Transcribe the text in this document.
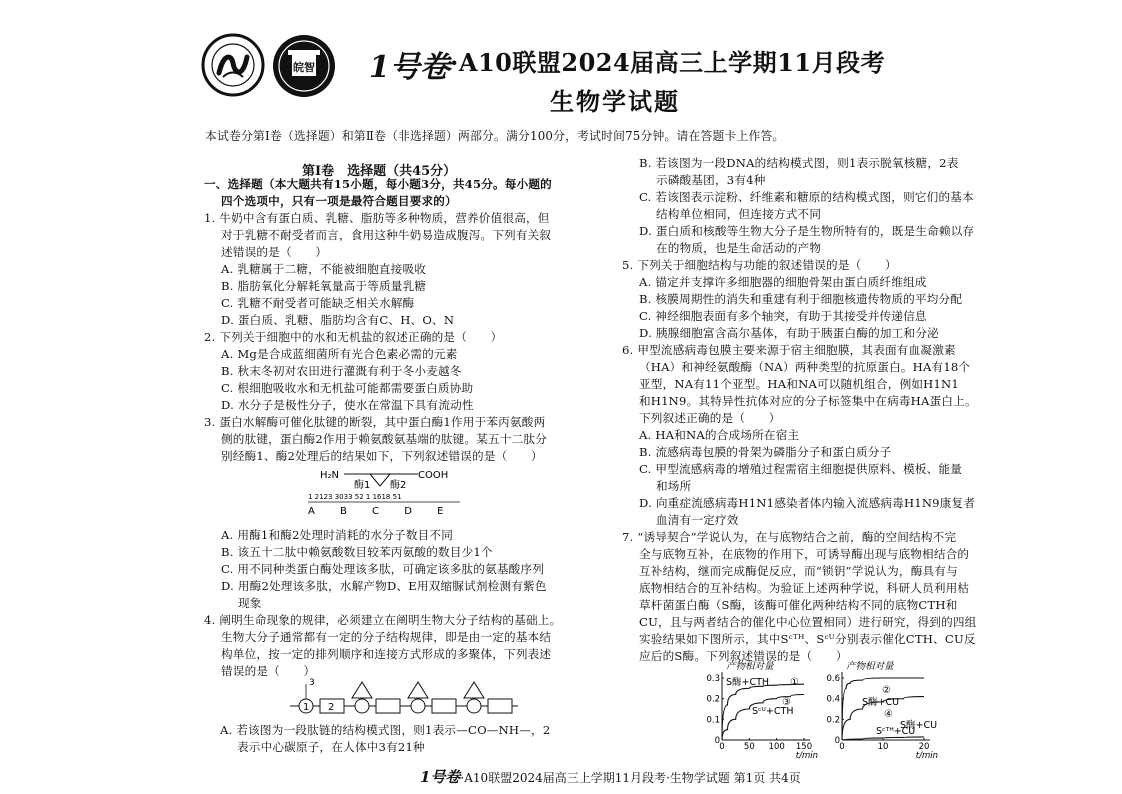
皖智 1号卷 ·A10联盟2024届高三上学期11月段考
生物学试题
本试卷分第Ⅰ卷（选择题）和第Ⅱ卷（非选择题）两部分。满分100分，考试时间75分钟。请在答题卡上作答。
第Ⅰ卷　选择题（共45分）
一、选择题（本大题共有15小题，每小题3分，共45分。每小题的
四个选项中，只有一项是最符合题目要求的）
1. 牛奶中含有蛋白质、乳糖、脂肪等多种物质，营养价值很高，但
对于乳糖不耐受者而言，食用这种牛奶易造成腹泻。下列有关叙
述错误的是（　　）
A. 乳糖属于二糖，不能被细胞直接吸收
B. 脂肪氧化分解耗氧量高于等质量乳糖
C. 乳糖不耐受者可能缺乏相关水解酶
D. 蛋白质、乳糖、脂肪均含有C、H、O、N
2. 下列关于细胞中的水和无机盐的叙述正确的是（　　）
A. Mg是合成蓝细菌所有光合色素必需的元素
B. 秋末冬初对农田进行灌溉有利于冬小麦越冬
C. 根细胞吸收水和无机盐可能都需要蛋白质协助
D. 水分子是极性分子，使水在常温下具有流动性
3. 蛋白水解酶可催化肽键的断裂，其中蛋白酶1作用于苯丙氨酸两
侧的肽键，蛋白酶2作用于赖氨酸氨基端的肽键。某五十二肽分
别经酶1、酶2处理后的结果如下，下列叙述错误的是（　　）
H₂N	COOH
酶1 酶2
1 2123 3033 52 1 1618 51
A B C D E
A. 用酶1和酶2处理时消耗的水分子数目不同
B. 该五十二肽中赖氨酸数目较苯丙氨酸的数目少1个
C. 用不同种类蛋白酶处理该多肽，可确定该多肽的氨基酸序列
D. 用酶2处理该多肽，水解产物D、E用双缩脲试剂检测有紫色
现象
4. 阐明生命现象的规律，必须建立在阐明生物大分子结构的基础上。
生物大分子通常都有一定的分子结构规律，即是由一定的基本结
构单位，按一定的排列顺序和连接方式形成的多聚体，下列表述
错误的是（　　）
1
3
2
A. 若该图为一段肽链的结构模式图，则1表示—CO—NH—，2
表示中心碳原子，在人体中3有21种
B. 若该图为一段DNA的结构模式图，则1表示脱氧核糖，2表
示磷酸基团，3有4种
C. 若该图表示淀粉、纤维素和糖原的结构模式图，则它们的基本
结构单位相同，但连接方式不同
D. 蛋白质和核酸等生物大分子是生物所特有的，既是生命赖以存
在的物质，也是生命活动的产物
5. 下列关于细胞结构与功能的叙述错误的是（　　）
A. 锚定并支撑许多细胞器的细胞骨架由蛋白质纤维组成
B. 核膜周期性的消失和重建有利于细胞核遗传物质的平均分配
C. 神经细胞表面有多个轴突，有助于其接受并传递信息
D. 胰腺细胞富含高尔基体，有助于胰蛋白酶的加工和分泌
6. 甲型流感病毒包膜主要来源于宿主细胞膜，其表面有血凝激素
（HA）和神经氨酸酶（NA）两种类型的抗原蛋白。HA有18个
亚型，NA有11个亚型。HA和NA可以随机组合，例如H1N1
和H1N9。其特异性抗体对应的分子标签集中在病毒HA蛋白上。
下列叙述正确的是（　　）
A. HA和NA的合成场所在宿主
B. 流感病毒包膜的骨架为磷脂分子和蛋白质分子
C. 甲型流感病毒的增殖过程需宿主细胞提供原料、模板、能量
和场所
D. 向重症流感病毒H1N1感染者体内输入流感病毒H1N9康复者
血清有一定疗效
7. “诱导契合”学说认为，在与底物结合之前，酶的空间结构不完
全与底物互补，在底物的作用下，可诱导酶出现与底物相结合的
互补结构，继而完成酶促反应，而“锁钥”学说认为，酶具有与
底物相结合的互补结构。为验证上述两种学说，科研人员利用枯
草杆菌蛋白酶（S酶，该酶可催化两种结构不同的底物CTH和
CU，且与两者结合的催化中心位置相同）进行研究，得到的四组
实验结果如下图所示，其中Sᶜᵀᴴ、Sᶜᵁ分别表示催化CTH、CU反
应后的S酶。下列叙述错误的是（　　）
产物相对量
0 50 100 150
0
0.1
0.2
0.3
t/min
S酶+CTH ①
Sᶜᵁ+CTH
③
产物相对量
0	10	20
0
0.2
0.4
0.6
t/min
S酶+CU
②
S酶+CU
④
Sᶜᵀᴴ+CU
1号卷·A10联盟2024届高三上学期11月段考·生物学试题 第1页 共4页
